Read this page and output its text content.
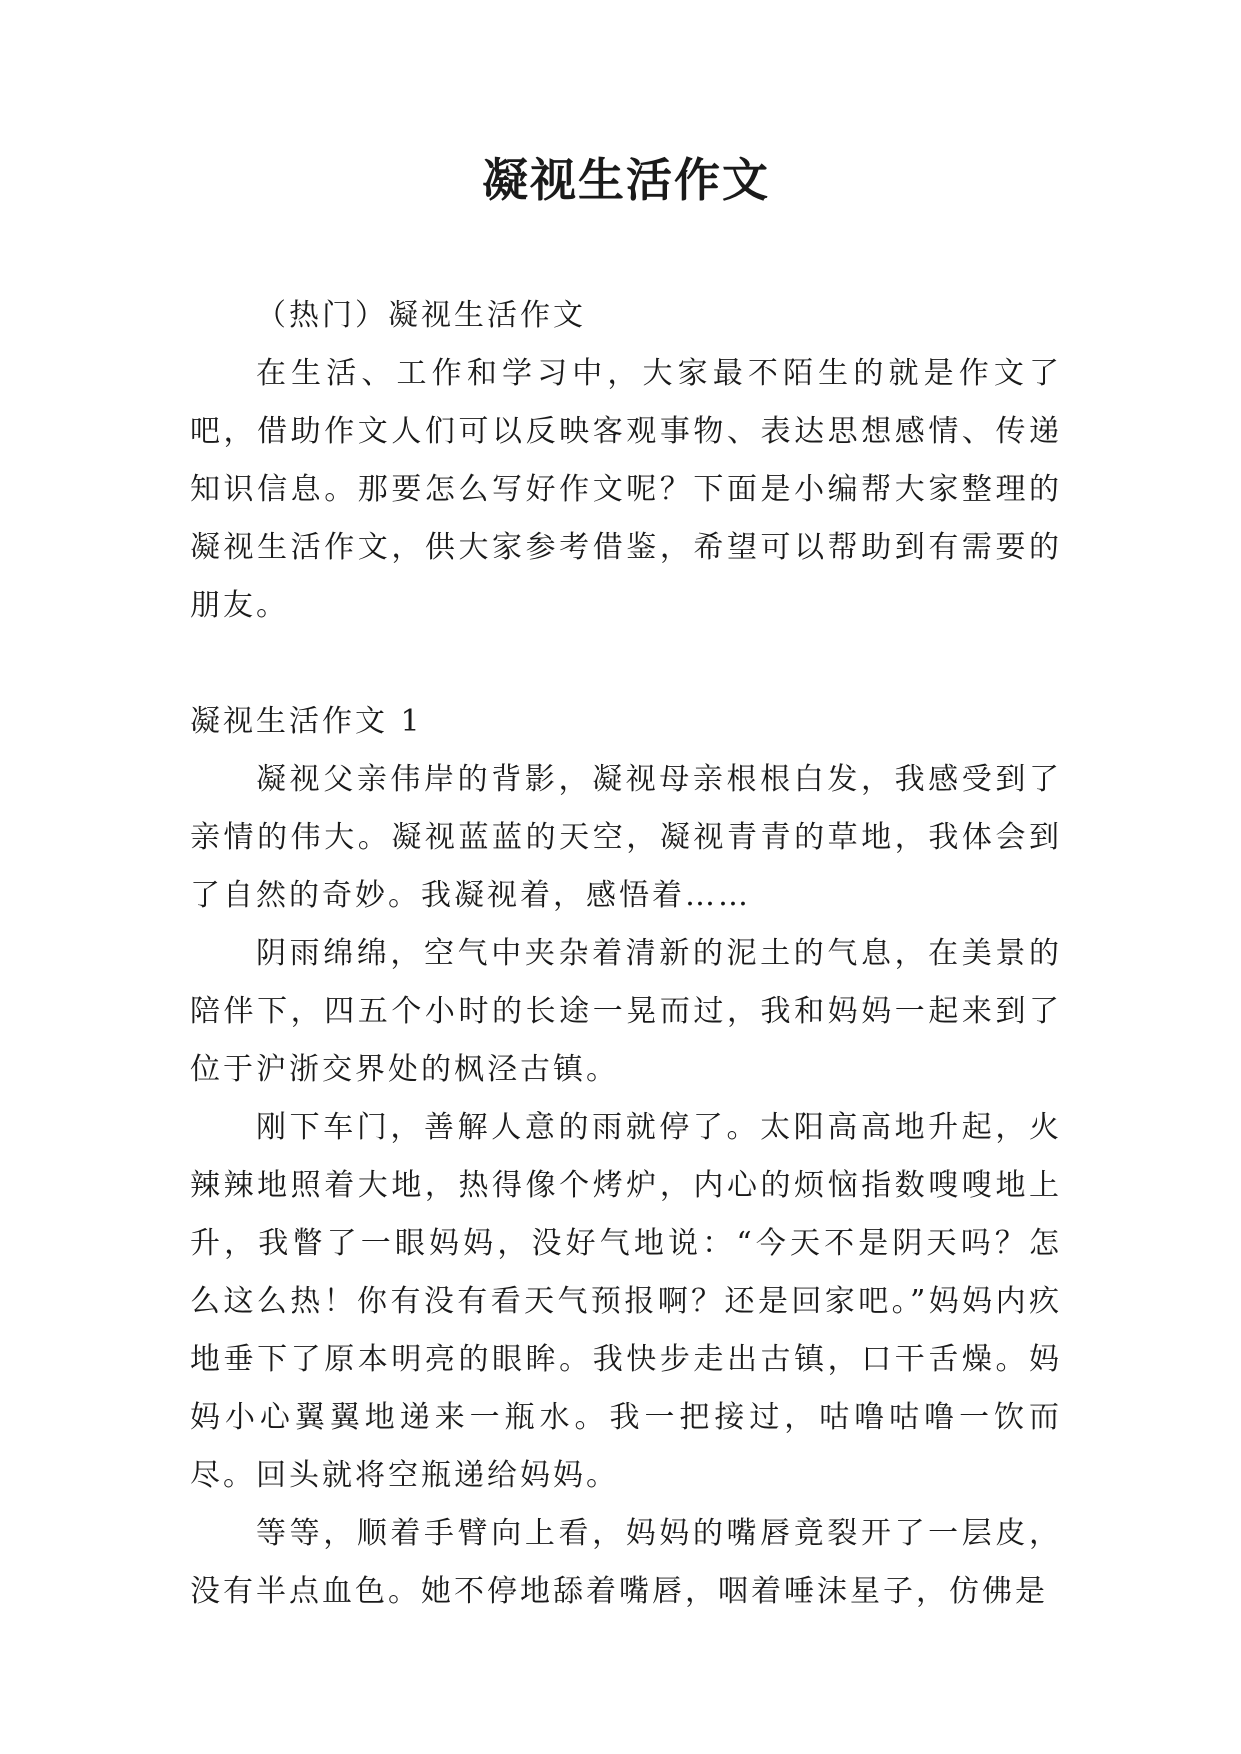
凝视生活作文

（热门）凝视生活作文

在生活、工作和学习中，大家最不陌生的就是作文了吧，借助作文人们可以反映客观事物、表达思想感情、传递知识信息。那要怎么写好作文呢？下面是小编帮大家整理的凝视生活作文，供大家参考借鉴，希望可以帮助到有需要的朋友。

凝视生活作文 1

凝视父亲伟岸的背影，凝视母亲根根白发，我感受到了亲情的伟大。凝视蓝蓝的天空，凝视青青的草地，我体会到了自然的奇妙。我凝视着，感悟着……

阴雨绵绵，空气中夹杂着清新的泥土的气息，在美景的陪伴下，四五个小时的长途一晃而过，我和妈妈一起来到了位于沪浙交界处的枫泾古镇。

刚下车门，善解人意的雨就停了。太阳高高地升起，火辣辣地照着大地，热得像个烤炉，内心的烦恼指数嗖嗖地上升，我瞥了一眼妈妈，没好气地说：“今天不是阴天吗？怎么这么热！你有没有看天气预报啊？还是回家吧。”妈妈内疚地垂下了原本明亮的眼眸。我快步走出古镇，口干舌燥。妈妈小心翼翼地递来一瓶水。我一把接过，咕噜咕噜一饮而尽。回头就将空瓶递给妈妈。

等等，顺着手臂向上看，妈妈的嘴唇竟裂开了一层皮，没有半点血色。她不停地舔着嘴唇，咽着唾沫星子，仿佛是
